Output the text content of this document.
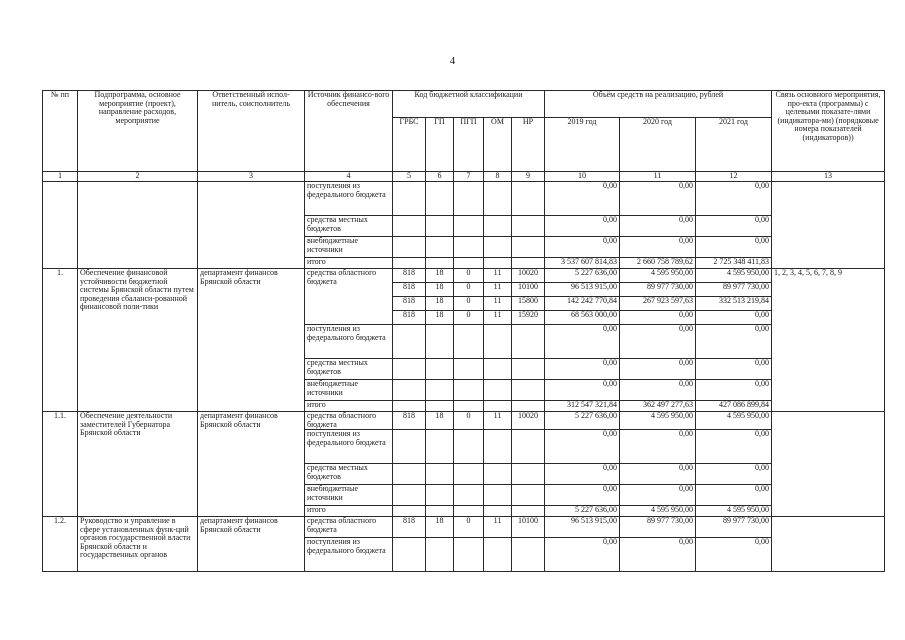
4
№ пп	Подпрограмма, основное мероприятие (проект), направление расходов, мероприятие	Ответственный испол-нитель, соисполнитель	Источник финансо-вого обеспечения	Код бюджетной классификации					Объём средств на реализацию, рублей			Связь основного мероприятия, про-екта (программы) с целевыми показате-лями (индикатора-ми) (порядковые номера показателей (индикаторов))
				ГРБС	ГП	ПГП	ОМ	НР	2019 год	2020 год	2021 год	
1	2	3	4	5	6	7	8	9	10	11	12	13
			поступления из федерального бюджета						0,00	0,00	0,00	
			средства местных бюджетов						0,00	0,00	0,00	
			внебюджетные источники						0,00	0,00	0,00	
			итого						3 537 607 814,83	2 660 758 789,62	2 725 348 411,83	
1.	Обеспечение финансовой устойчивости бюджетной системы Брянской области путем проведения сбаланси-рованной финансовой поли-тики	департамент финансов Брянской области	средства областного бюджета	818	18	0	11	10020	5 227 636,00	4 595 950,00	4 595 950,00	1, 2, 3, 4, 5, 6, 7, 8, 9
				818	18	0	11	10100	96 513 915,00	89 977 730,00	89 977 730,00	
				818	18	0	11	15800	142 242 770,84	267 923 597,63	332 513 219,84	
				818	18	0	11	15920	68 563 000,00	0,00	0,00	
			поступления из федерального бюджета						0,00	0,00	0,00	
			средства местных бюджетов						0,00	0,00	0,00	
			внебюджетные источники						0,00	0,00	0,00	
			итого						312 547 321,84	362 497 277,63	427 086 899,84	
1.1.	Обеспечение деятельности заместителей Губернатора Брянской области	департамент финансов Брянской области	средства областного бюджета	818	18	0	11	10020	5 227 636,00	4 595 950,00	4 595 950,00	
			поступления из федерального бюджета						0,00	0,00	0,00	
			средства местных бюджетов						0,00	0,00	0,00	
			внебюджетные источники						0,00	0,00	0,00	
			итого						5 227 636,00	4 595 950,00	4 595 950,00	
1.2.	Руководство и управление в сфере установленных функ-ций органов государственной власти Брянской области и государственных органов	департамент финансов Брянской области	средства областного бюджета	818	18	0	11	10100	96 513 915,00	89 977 730,00	89 977 730,00	
			поступления из федерального бюджета						0,00	0,00	0,00	
